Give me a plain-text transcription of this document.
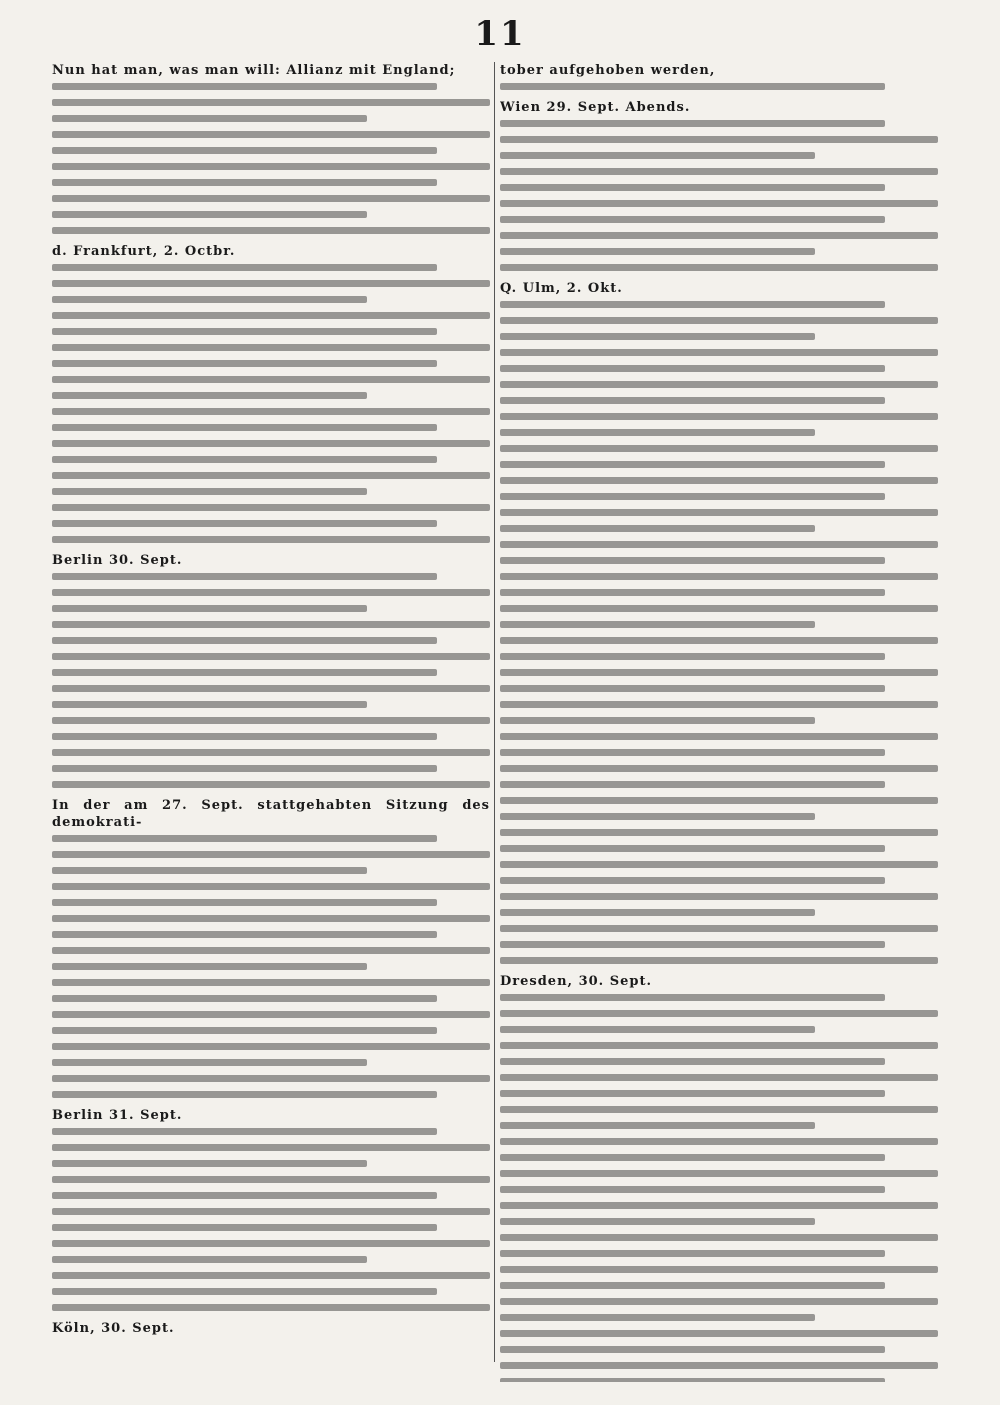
11

Nun hat man, was man will: Allianz mit England;

d. Frankfurt, 2. Octbr.

Berlin 30. Sept.

In der am 27. Sept. stattgehabten Sitzung des demokrati-

Berlin 31. Sept.

Köln, 30. Sept.

tober aufgehoben werden,

Wien 29. Sept. Abends.

Q. Ulm, 2. Okt.

Dresden, 30. Sept.
